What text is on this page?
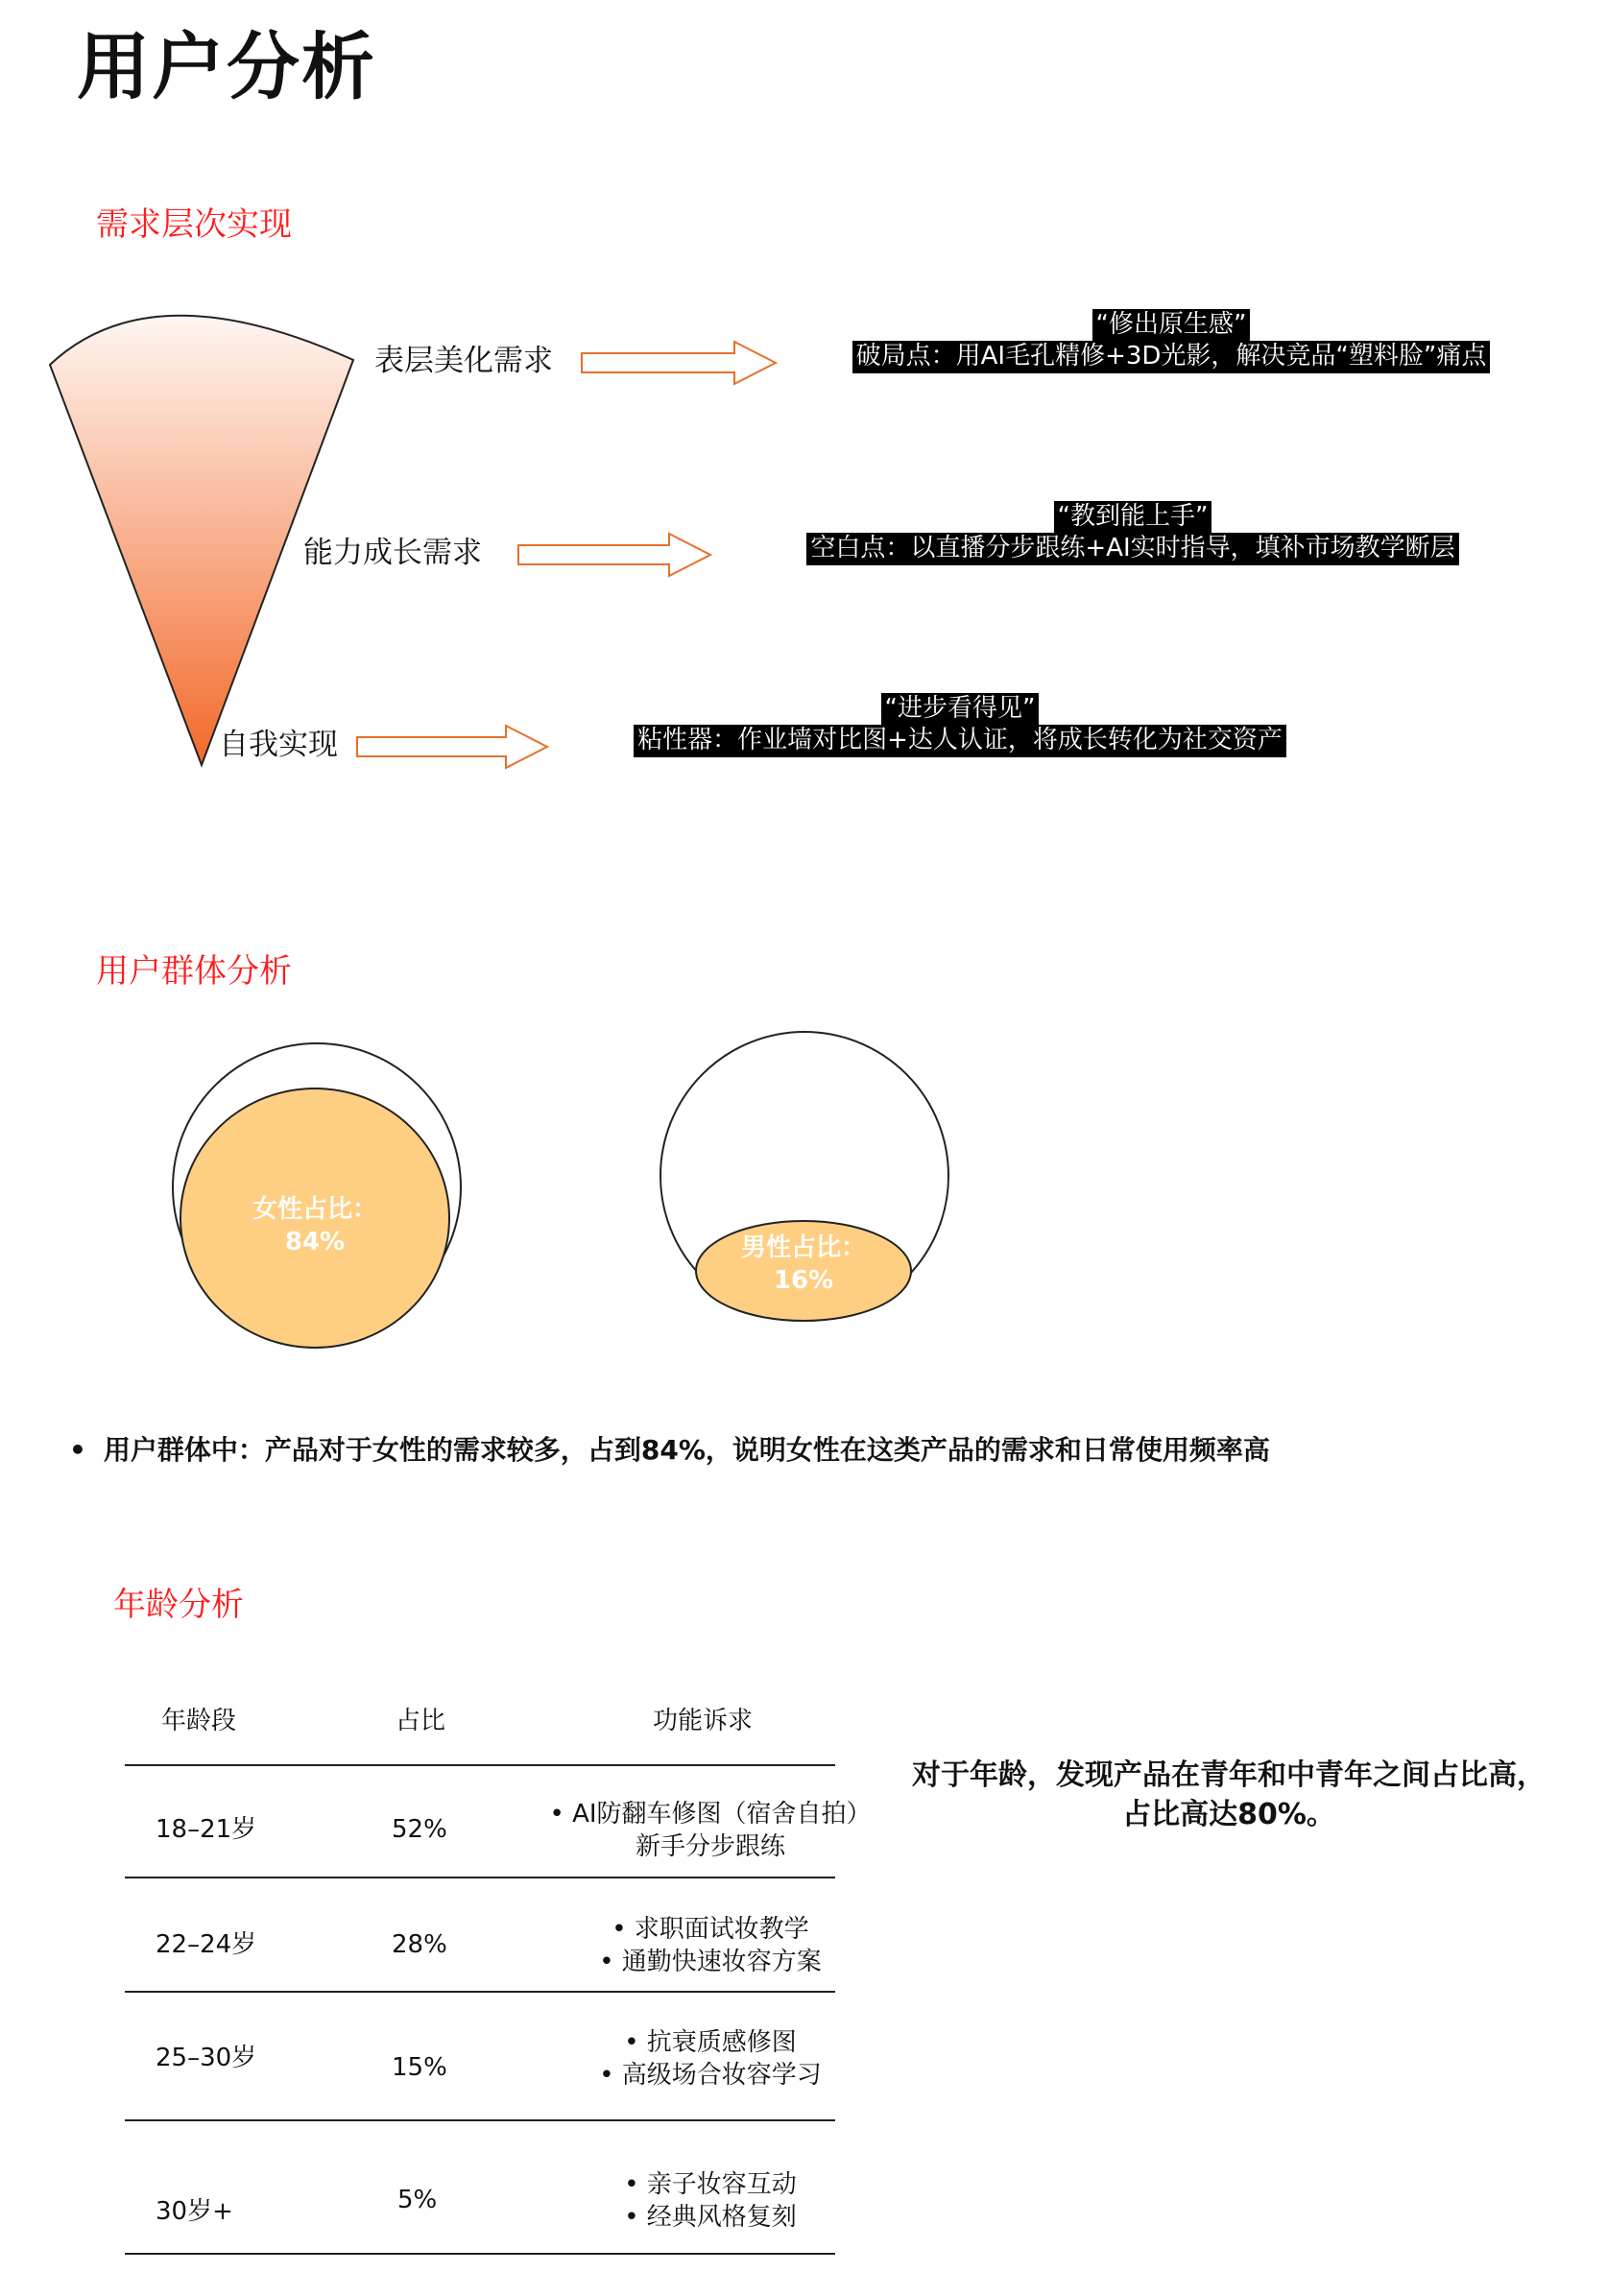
用户分析
需求层次实现
表层美化需求
能力成长需求
自我实现
“修出原生感”
破局点：用AI毛孔精修+3D光影，解决竞品“塑料脸”痛点
“教到能上手”
空白点：以直播分步跟练+AI实时指导，填补市场教学断层
“进步看得见”
粘性器：作业墙对比图+达人认证，将成长转化为社交资产
用户群体分析
女性占比：
84%	男性占比：
16%
• 用户群体中：产品对于女性的需求较多，占到84%，说明女性在这类产品的需求和日常使用频率高
年龄分析
年龄段	占比	功能诉求
18–21岁	52%
• AI防翻车修图（宿舍自拍）
新手分步跟练
22–24岁	28%
• 求职面试妆教学
• 通勤快速妆容方案
25–30岁	15%
• 抗衰质感修图
• 高级场合妆容学习
30岁+	5%
• 亲子妆容互动
• 经典风格复刻
对于年龄，发现产品在青年和中青年之间占比高，
占比高达80%。
